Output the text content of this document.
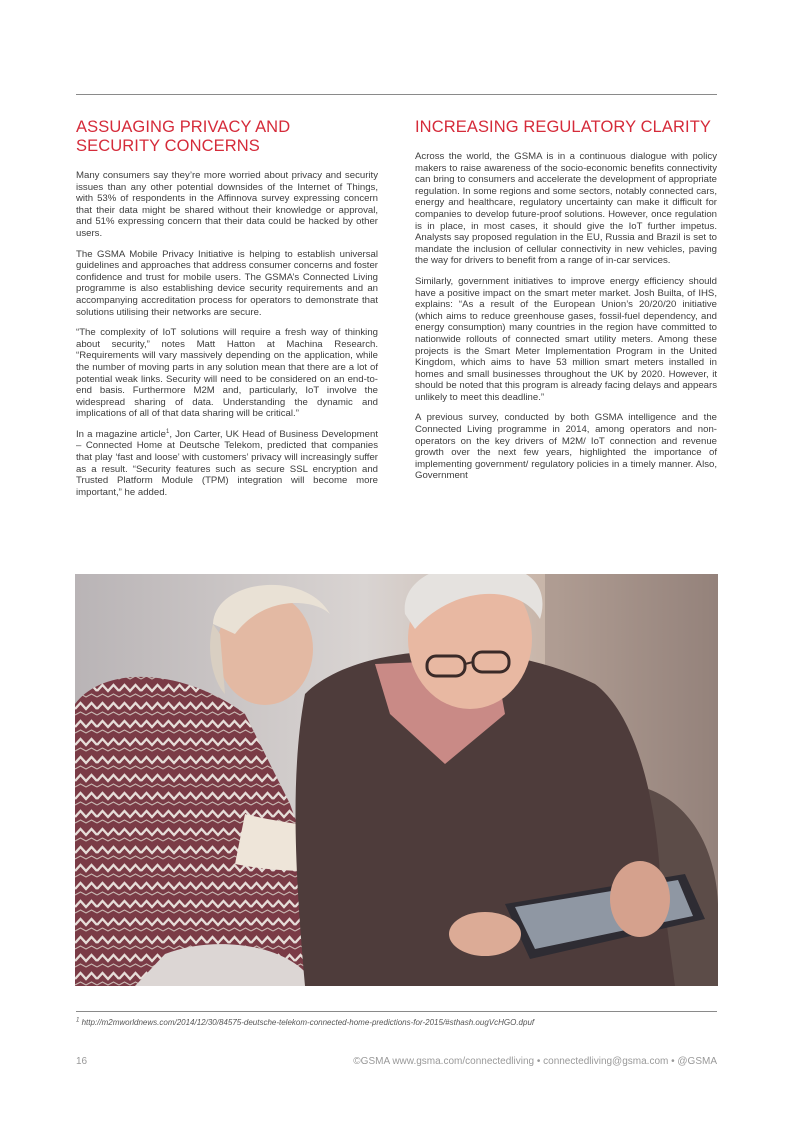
ASSUAGING PRIVACY AND SECURITY CONCERNS

Many consumers say they’re more worried about privacy and security issues than any other potential downsides of the Internet of Things, with 53% of respondents in the Affinnova survey expressing concern that their data might be shared without their knowledge or approval, and 51% expressing concern that their data could be hacked by other users.

The GSMA Mobile Privacy Initiative is helping to establish universal guidelines and approaches that address consumer concerns and foster confidence and trust for mobile users. The GSMA’s Connected Living programme is also establishing device security requirements and an accompanying accreditation process for operators to demonstrate that solutions utilising their networks are secure.

“The complexity of IoT solutions will require a fresh way of thinking about security,” notes Matt Hatton at Machina Research. “Requirements will vary massively depending on the application, while the number of moving parts in any solution mean that there are a lot of potential weak links. Security will need to be considered on an end-to-end basis. Furthermore M2M and, particularly, IoT involve the widespread sharing of data. Understanding the dynamic and implications of all of that data sharing will be critical.”

In a magazine article$^1$, Jon Carter, UK Head of Business Development – Connected Home at Deutsche Telekom, predicted that companies that play ‘fast and loose’ with customers’ privacy will increasingly suffer as a result. “Security features such as secure SSL encryption and Trusted Platform Module (TPM) integration will become more important,” he added.

INCREASING REGULATORY CLARITY

Across the world, the GSMA is in a continuous dialogue with policy makers to raise awareness of the socio-economic benefits connectivity can bring to consumers and accelerate the development of appropriate regulation. In some regions and some sectors, notably connected cars, energy and healthcare, regulatory uncertainty can make it difficult for companies to develop future-proof solutions. However, once regulation is in place, in most cases, it should give the IoT further impetus. Analysts say proposed regulation in the EU, Russia and Brazil is set to mandate the inclusion of cellular connectivity in new vehicles, paving the way for drivers to benefit from a range of in-car services.

Similarly, government initiatives to improve energy efficiency should have a positive impact on the smart meter market. Josh Builta, of IHS, explains: “As a result of the European Union’s 20/20/20 initiative (which aims to reduce greenhouse gases, fossil-fuel dependency, and energy consumption) many countries in the region have committed to nationwide rollouts of connected smart utility meters. Among these projects is the Smart Meter Implementation Program in the United Kingdom, which aims to have 53 million smart meters installed in homes and small businesses throughout the UK by 2020. However, it should be noted that this program is already facing delays and appears unlikely to meet this deadline.”

A previous survey, conducted by both GSMA intelligence and the Connected Living programme in 2014, among operators and non-operators on the key drivers of M2M/ IoT connection and revenue growth over the next few years, highlighted the importance of implementing government/ regulatory policies in a timely manner. Also, Government

$^1$ http://m2mworldnews.com/2014/12/30/84575-deutsche-telekom-connected-home-predictions-for-2015/#sthash.ougVcHGO.dpuf
16	©GSMA www.gsma.com/connectedliving • connectedliving@gsma.com • @GSMA
